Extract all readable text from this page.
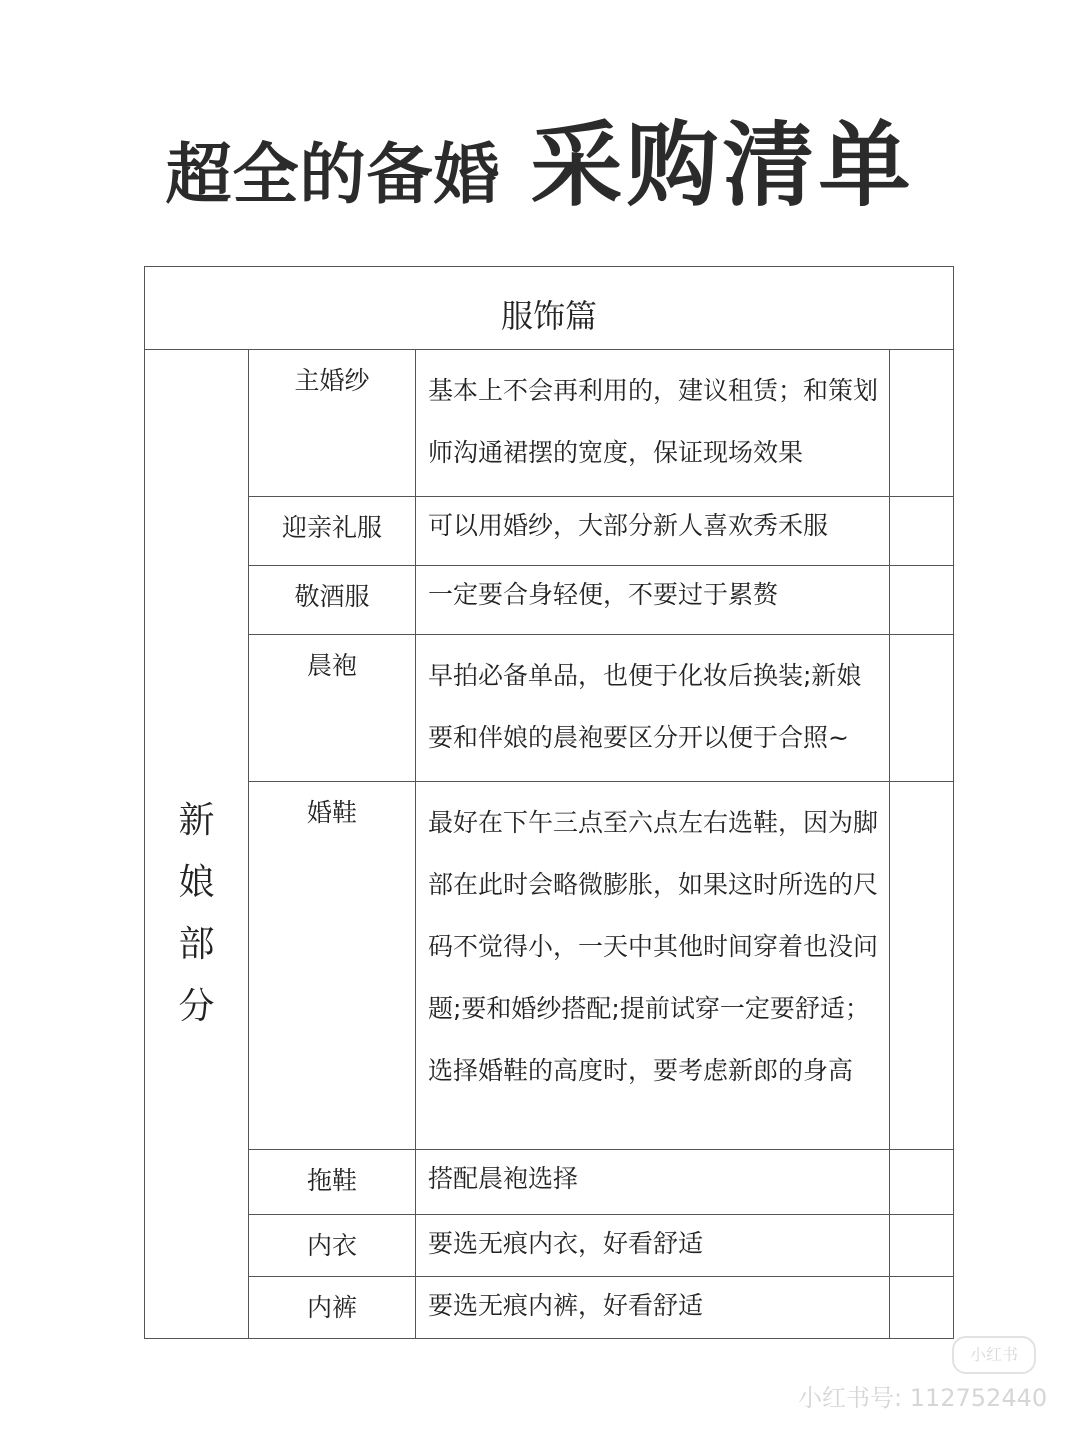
超全的备婚 采购清单
服饰篇			
新娘部分	主婚纱	基本上不会再利用的，建议租赁；和策划师沟通裙摆的宽度，保证现场效果	
	迎亲礼服	可以用婚纱，大部分新人喜欢秀禾服	
	敬酒服	一定要合身轻便，不要过于累赘	
	晨袍	早拍必备单品，也便于化妆后换装;新娘要和伴娘的晨袍要区分开以便于合照~	
	婚鞋	最好在下午三点至六点左右选鞋，因为脚部在此时会略微膨胀，如果这时所选的尺码不觉得小，一天中其他时间穿着也没问题;要和婚纱搭配;提前试穿一定要舒适；选择婚鞋的高度时，要考虑新郎的身高	
	拖鞋	搭配晨袍选择	
	内衣	要选无痕内衣，好看舒适	
	内裤	要选无痕内裤，好看舒适	
小红书
小红书号: 112752440
